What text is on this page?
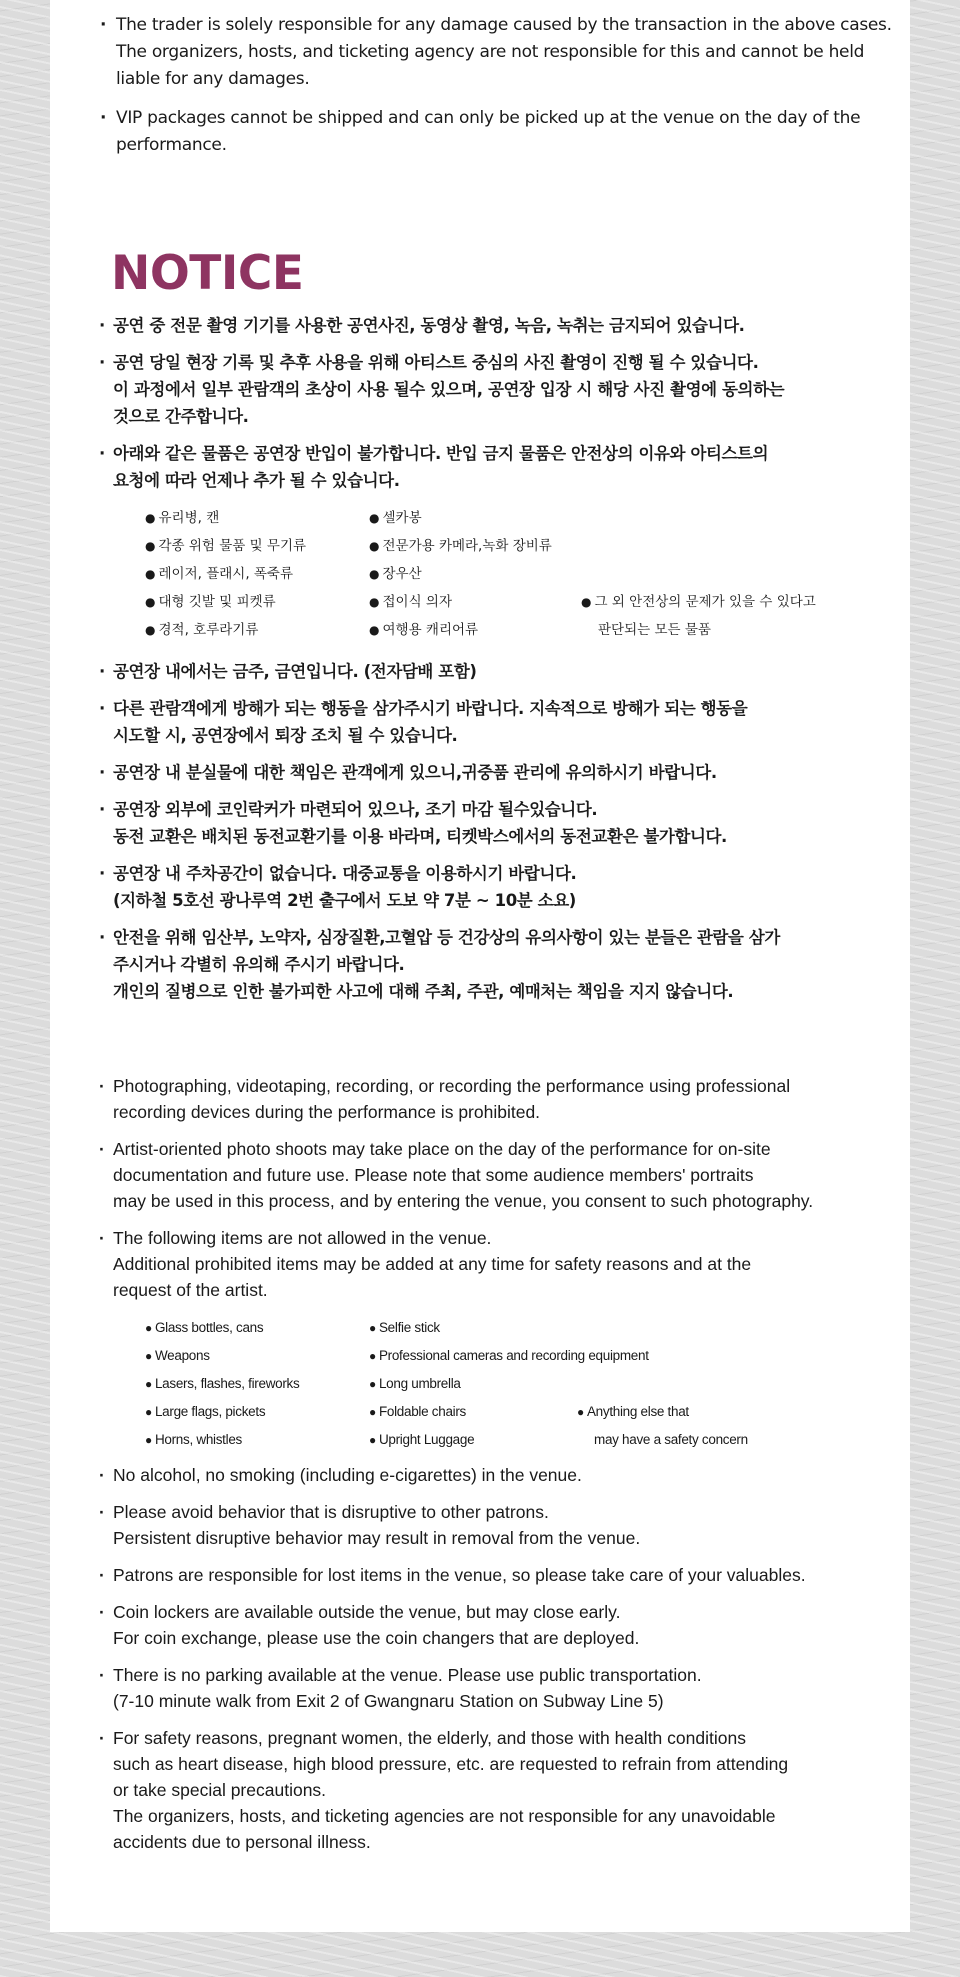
· The trader is solely responsible for any damage caused by the transaction in the above cases.
The organizers, hosts, and ticketing agency are not responsible for this and cannot be held
liable for any damages.
· VIP packages cannot be shipped and can only be picked up at the venue on the day of the
performance.
NOTICE
· 공연 중 전문 촬영 기기를 사용한 공연사진, 동영상 촬영, 녹음, 녹취는 금지되어 있습니다.
· 공연 당일 현장 기록 및 추후 사용을 위해 아티스트 중심의 사진 촬영이 진행 될 수 있습니다.
이 과정에서 일부 관람객의 초상이 사용 될수 있으며, 공연장 입장 시 해당 사진 촬영에 동의하는
것으로 간주합니다.
· 아래와 같은 물품은 공연장 반입이 불가합니다. 반입 금지 물품은 안전상의 이유와 아티스트의
요청에 따라 언제나 추가 될 수 있습니다.
● 유리병, 캔
● 각종 위험 물품 및 무기류
● 레이저, 플래시, 폭죽류
● 대형 깃발 및 피켓류
● 경적, 호루라기류
● 셀카봉
● 전문가용 카메라,녹화 장비류
● 장우산
● 접이식 의자
● 여행용 캐리어류
● 그 외 안전상의 문제가 있을 수 있다고
판단되는 모든 물품
· 공연장 내에서는 금주, 금연입니다. (전자담배 포함)
· 다른 관람객에게 방해가 되는 행동을 삼가주시기 바랍니다. 지속적으로 방해가 되는 행동을
시도할 시, 공연장에서 퇴장 조치 될 수 있습니다.
· 공연장 내 분실물에 대한 책임은 관객에게 있으니,귀중품 관리에 유의하시기 바랍니다.
· 공연장 외부에 코인락커가 마련되어 있으나, 조기 마감 될수있습니다.
동전 교환은 배치된 동전교환기를 이용 바라며, 티켓박스에서의 동전교환은 불가합니다.
· 공연장 내 주차공간이 없습니다. 대중교통을 이용하시기 바랍니다.
(지하철 5호선 광나루역 2번 출구에서 도보 약 7분 ~ 10분 소요)
· 안전을 위해 임산부, 노약자, 심장질환,고혈압 등 건강상의 유의사항이 있는 분들은 관람을 삼가
주시거나 각별히 유의해 주시기 바랍니다.
개인의 질병으로 인한 불가피한 사고에 대해 주최, 주관, 예매처는 책임을 지지 않습니다.
· Photographing, videotaping, recording, or recording the performance using professional
recording devices during the performance is prohibited.
· Artist-oriented photo shoots may take place on the day of the performance for on-site
documentation and future use. Please note that some audience members' portraits
may be used in this process, and by entering the venue, you consent to such photography.
· The following items are not allowed in the venue.
Additional prohibited items may be added at any time for safety reasons and at the
request of the artist.
● Glass bottles, cans
● Weapons
● Lasers, flashes, fireworks
● Large flags, pickets
● Horns, whistles
● Selfie stick
● Professional cameras and recording equipment
● Long umbrella
● Foldable chairs
● Upright Luggage
● Anything else that
may have a safety concern
· No alcohol, no smoking (including e-cigarettes) in the venue.
· Please avoid behavior that is disruptive to other patrons.
Persistent disruptive behavior may result in removal from the venue.
· Patrons are responsible for lost items in the venue, so please take care of your valuables.
· Coin lockers are available outside the venue, but may close early.
For coin exchange, please use the coin changers that are deployed.
· There is no parking available at the venue. Please use public transportation.
(7-10 minute walk from Exit 2 of Gwangnaru Station on Subway Line 5)
· For safety reasons, pregnant women, the elderly, and those with health conditions
such as heart disease, high blood pressure, etc. are requested to refrain from attending
or take special precautions.
The organizers, hosts, and ticketing agencies are not responsible for any unavoidable
accidents due to personal illness.
